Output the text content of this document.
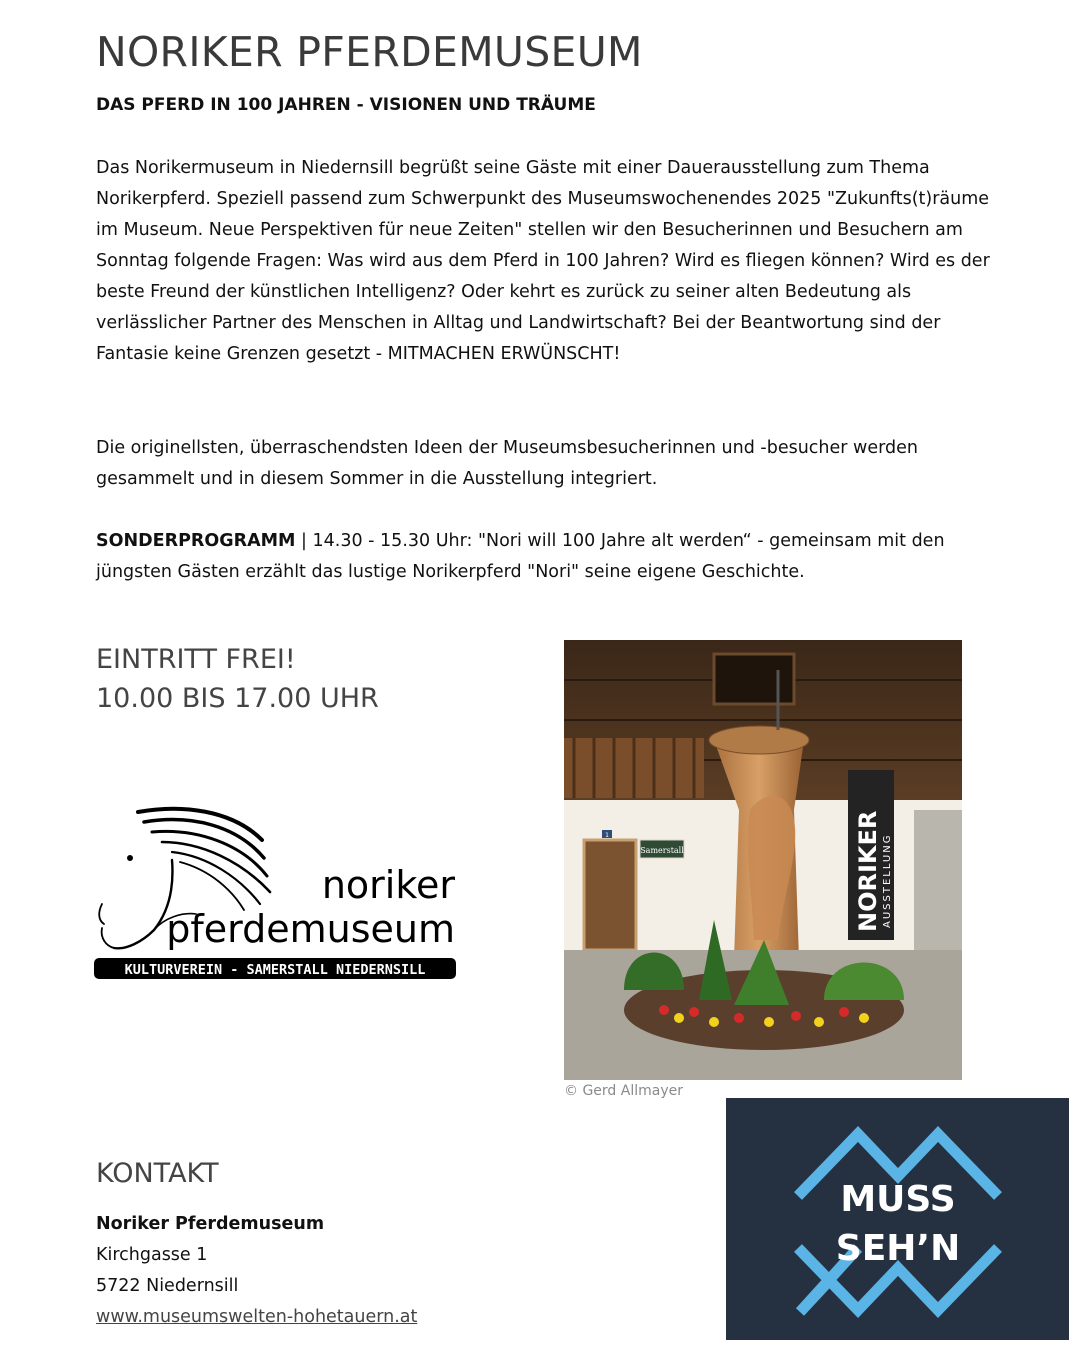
NORIKER PFERDEMUSEUM
DAS PFERD IN 100 JAHREN - VISIONEN UND TRÄUME
Das Norikermuseum in Niedernsill begrüßt seine Gäste mit einer Dauerausstellung zum Thema Norikerpferd. Speziell passend zum Schwerpunkt des Museumswochenendes 2025 "Zukunfts(t)räume im Museum. Neue Perspektiven für neue Zeiten" stellen wir den Besucherinnen und Besuchern am Sonntag folgende Fragen: Was wird aus dem Pferd in 100 Jahren? Wird es fliegen können? Wird es der beste Freund der künstlichen Intelligenz? Oder kehrt es zurück zu seiner alten Bedeutung als verlässlicher Partner des Menschen in Alltag und Landwirtschaft? Bei der Beantwortung sind der Fantasie keine Grenzen gesetzt - MITMACHEN ERWÜNSCHT!
Die originellsten, überraschendsten Ideen der Museumsbesucherinnen und -besucher werden gesammelt und in diesem Sommer in die Ausstellung integriert.
SONDERPROGRAMM | 14.30 - 15.30 Uhr: "Nori will 100 Jahre alt werden“ - gemeinsam mit den jüngsten Gästen erzählt das lustige Norikerpferd "Nori" seine eigene Geschichte.
EINTRITT FREI!
10.00 BIS 17.00 UHR
noriker
pferdemuseum
KULTURVEREIN - SAMERSTALL NIEDERNSILL
1
Samerstall	NORIKER AUSSTELLUNG
© Gerd Allmayer
KONTAKT
Noriker Pferdemuseum
Kirchgasse 1
5722 Niedernsill
www.museumswelten-hohetauern.at
MUSS
SEH’N
